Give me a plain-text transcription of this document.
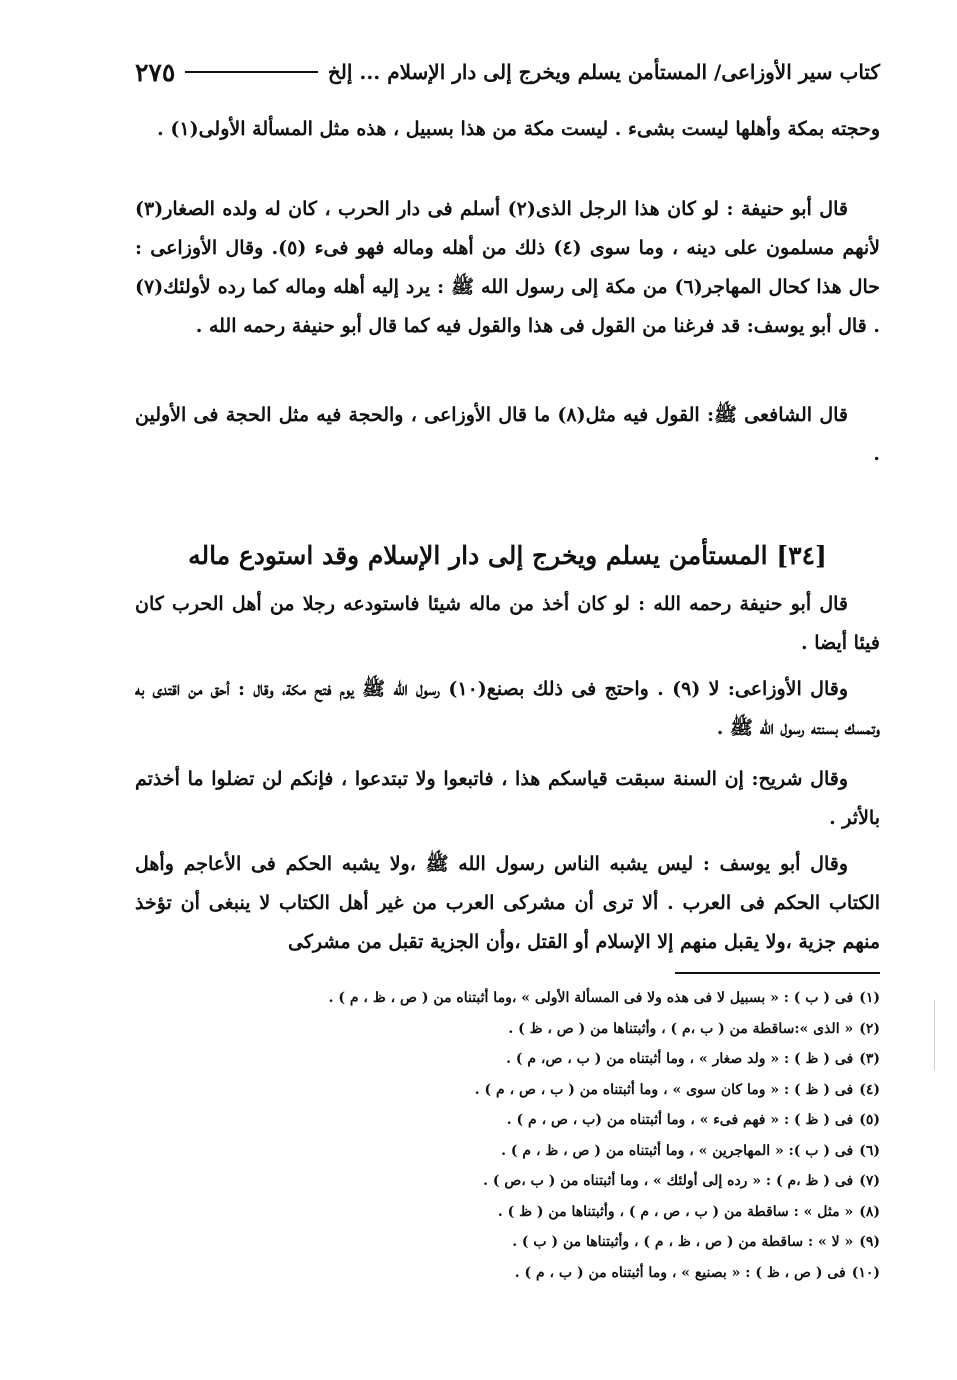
٢٧٥	كتاب سير الأوزاعى/ المستأمن يسلم ويخرج إلى دار الإسلام ... إلخ

وحجته بمكة وأهلها ليست بشىء . ليست مكة من هذا بسبيل ، هذه مثل المسألة الأولى(١) .

قال أبو حنيفة : لو كان هذا الرجل الذى(٢) أسلم فى دار الحرب ، كان له ولده الصغار(٣) لأنهم مسلمون على دينه ، وما سوى (٤) ذلك من أهله وماله فهو فىء (٥). وقال الأوزاعى : حال هذا كحال المهاجر(٦) من مكة إلى رسول الله ﷺ : يرد إليه أهله وماله كما رده لأولئك(٧) . قال أبو يوسف: قد فرغنا من القول فى هذا والقول فيه كما قال أبو حنيفة رحمه الله .

قال الشافعى ﷺ: القول فيه مثل(٨) ما قال الأوزاعى ، والحجة فيه مثل الحجة فى الأولين .

[٣٤] المستأمن يسلم ويخرج إلى دار الإسلام وقد استودع ماله

قال أبو حنيفة رحمه الله : لو كان أخذ من ماله شيئا فاستودعه رجلا من أهل الحرب كان فيئا أيضا .

وقال الأوزاعى: لا (٩) . واحتج فى ذلك بصنع(١٠) رسول الله ﷺ يوم فتح مكة، وقال : أحق من اقتدى به وتمسك بسنته رسول الله ﷺ .

وقال شريح: إن السنة سبقت قياسكم هذا ، فاتبعوا ولا تبتدعوا ، فإنكم لن تضلوا ما أخذتم بالأثر .

وقال أبو يوسف : ليس يشبه الناس رسول الله ﷺ ،ولا يشبه الحكم فى الأعاجم وأهل الكتاب الحكم فى العرب . ألا ترى أن مشركى العرب من غير أهل الكتاب لا ينبغى أن تؤخذ منهم جزية ،ولا يقبل منهم إلا الإسلام أو القتل ،وأن الجزية تقبل من مشركى

(١)فى ( ب ) : « بسبيل لا فى هذه ولا فى المسألة الأولى » ،وما أثبتناه من ( ص ، ظ ، م ) .
(٢)« الذى »:ساقطة من ( ب ،م ) ، وأثبتناها من ( ص ، ظ ) .
(٣)فى ( ظ ) : « ولد صغار » ، وما أثبتناه من ( ب ، ص، م ) .
(٤)فى ( ظ ) : « وما كان سوى » ، وما أثبتناه من ( ب ، ص ، م ) .
(٥)فى ( ظ ) : « فهم فىء » ، وما أثبتناه من (ب ، ص ، م ) .
(٦)فى ( ب ): « المهاجرين » ، وما أثبتناه من ( ص ، ظ ، م ) .
(٧)فى ( ظ ،م ) : « رده إلى أولئك » ، وما أثبتناه من ( ب ،ص ) .
(٨)« مثل » : ساقطة من ( ب ، ص ، م ) ، وأثبتناها من ( ظ ) .
(٩)« لا » : ساقطة من ( ص ، ظ ، م ) ، وأثبتناها من ( ب ) .
(١٠)فى ( ص ، ظ ) : « بصنيع » ، وما أثبتناه من ( ب ، م ) .
